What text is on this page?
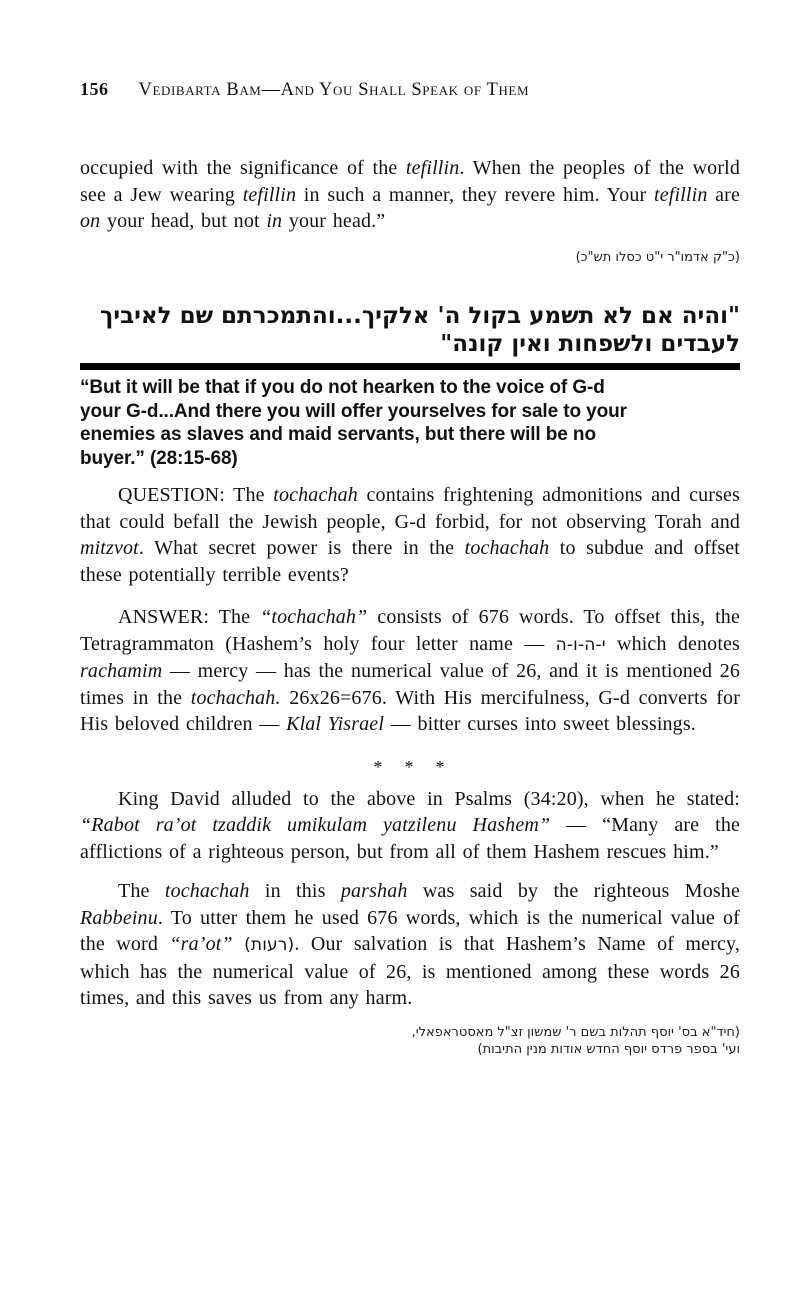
156 Vedibarta Bam—And You Shall Speak of Them

occupied with the significance of the tefillin. When the peoples of the world see a Jew wearing tefillin in such a manner, they revere him. Your tefillin are on your head, but not in your head.”

(כ"ק אדמו"ר י"ט כסלו תש"כ)
"והיה אם לא תשמע בקול ה' אלקיך...והתמכרתם שם לאיביך
לעבדים ולשפחות ואין קונה"
“But it will be that if you do not hearken to the voice of G-d
your G-d...And there you will offer yourselves for sale to your
enemies as slaves and maid servants, but there will be no
buyer.” (28:15-68)

QUESTION: The tochachah contains frightening admonitions and curses that could befall the Jewish people, G-d forbid, for not observing Torah and mitzvot. What secret power is there in the tochachah to subdue and offset these potentially terrible events?

ANSWER: The “tochachah” consists of 676 words. To offset this, the Tetragrammaton (Hashem’s holy four letter name — י-ה-ו-ה which denotes rachamim — mercy — has the numerical value of 26, and it is mentioned 26 times in the tochachah. 26x26=676. With His mercifulness, G-d converts for His beloved children — Klal Yisrael — bitter curses into sweet blessings.

* * *

King David alluded to the above in Psalms (34:20), when he stated: “Rabot ra’ot tzaddik umikulam yatzilenu Hashem” — “Many are the afflictions of a righteous person, but from all of them Hashem rescues him.”

The tochachah in this parshah was said by the righteous Moshe Rabbeinu. To utter them he used 676 words, which is the numerical value of the word “ra’ot” (רעות). Our salvation is that Hashem’s Name of mercy, which has the numerical value of 26, is mentioned among these words 26 times, and this saves us from any harm.

(חיד"א בס' יוסף תהלות בשם ר' שמשון זצ"ל מאסטראפאלי,
ועי' בספר פרדס יוסף החדש אודות מנין התיבות)
